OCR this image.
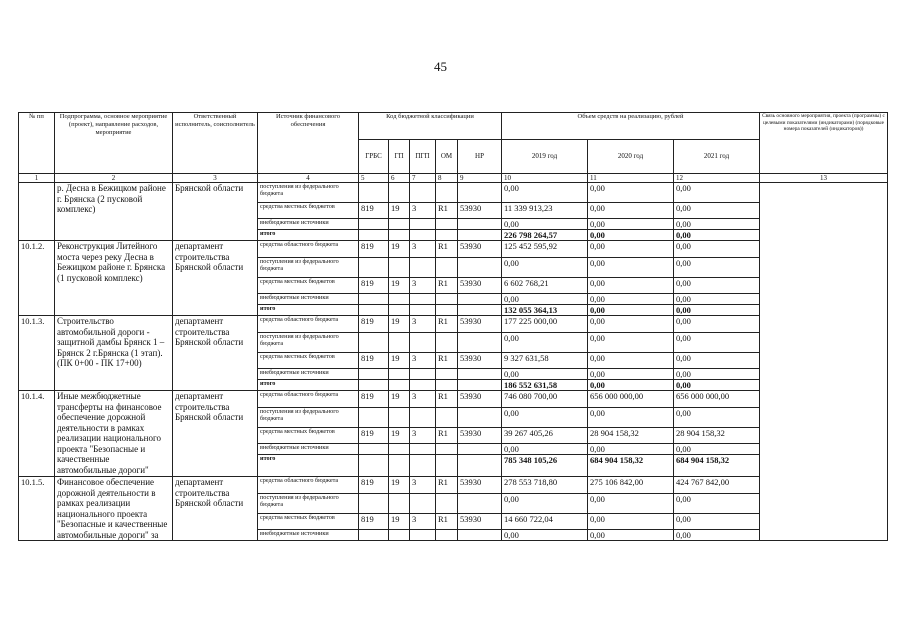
45
№ пп	Подпрограмма, основное мероприятие (проект), направление расходов, мероприятие	Ответственный исполнитель, соисполнитель	Источник финансового обеспечения	Код бюджетной классификации					Объем средств на реализацию, рублей			Связь основного мероприятия, проекта (программы) с целевыми показателями (индикаторами) (порядковые номера показателей (индикаторов))
				ГРБС	ГП	ПГП	ОМ	НР	2019 год	2020 год	2021 год	
1	2	3	4	5	6	7	8	9	10	11	12	13
	р. Десна в Бежицком районе г. Брянска (2 пусковой комплекс)	Брянской области	поступления из федерального бюджета						0,00	0,00	0,00	
			средства местных бюджетов	819	19	3	R1	53930	11 339 913,23	0,00	0,00	
			внебюджетные источники						0,00	0,00	0,00	
			итого						226 798 264,57	0,00	0,00	
10.1.2.	Реконструкция Литейного моста через реку Десна в Бежицком районе г. Брянска (1 пусковой комплекс)	департамент строительства Брянской области	средства областного бюджета	819	19	3	R1	53930	125 452 595,92	0,00	0,00	
			поступления из федерального бюджета						0,00	0,00	0,00	
			средства местных бюджетов	819	19	3	R1	53930	6 602 768,21	0,00	0,00	
			внебюджетные источники						0,00	0,00	0,00	
			итого						132 055 364,13	0,00	0,00	
10.1.3.	Строительство автомобильной дороги - защитной дамбы Брянск 1 – Брянск 2 г.Брянска (1 этап). (ПК 0+00 - ПК 17+00)	департамент строительства Брянской области	средства областного бюджета	819	19	3	R1	53930	177 225 000,00	0,00	0,00	
			поступления из федерального бюджета						0,00	0,00	0,00	
			средства местных бюджетов	819	19	3	R1	53930	9 327 631,58	0,00	0,00	
			внебюджетные источники						0,00	0,00	0,00	
			итого						186 552 631,58	0,00	0,00	
10.1.4.	Иные межбюджетные трансферты на финансовое обеспечение дорожной деятельности в рамках реализации национального проекта "Безопасные и качественные автомобильные дороги"	департамент строительства Брянской области	средства областного бюджета	819	19	3	R1	53930	746 080 700,00	656 000 000,00	656 000 000,00	
			поступления из федерального бюджета						0,00	0,00	0,00	
			средства местных бюджетов	819	19	3	R1	53930	39 267 405,26	28 904 158,32	28 904 158,32	
			внебюджетные источники						0,00	0,00	0,00	
			итого						785 348 105,26	684 904 158,32	684 904 158,32	
10.1.5.	Финансовое обеспечение дорожной деятельности в рамках реализации национального проекта "Безопасные и качественные автомобильные дороги" за	департамент строительства Брянской области	средства областного бюджета	819	19	3	R1	53930	278 553 718,80	275 106 842,00	424 767 842,00	
			поступления из федерального бюджета						0,00	0,00	0,00	
			средства местных бюджетов	819	19	3	R1	53930	14 660 722,04	0,00	0,00	
			внебюджетные источники						0,00	0,00	0,00	
